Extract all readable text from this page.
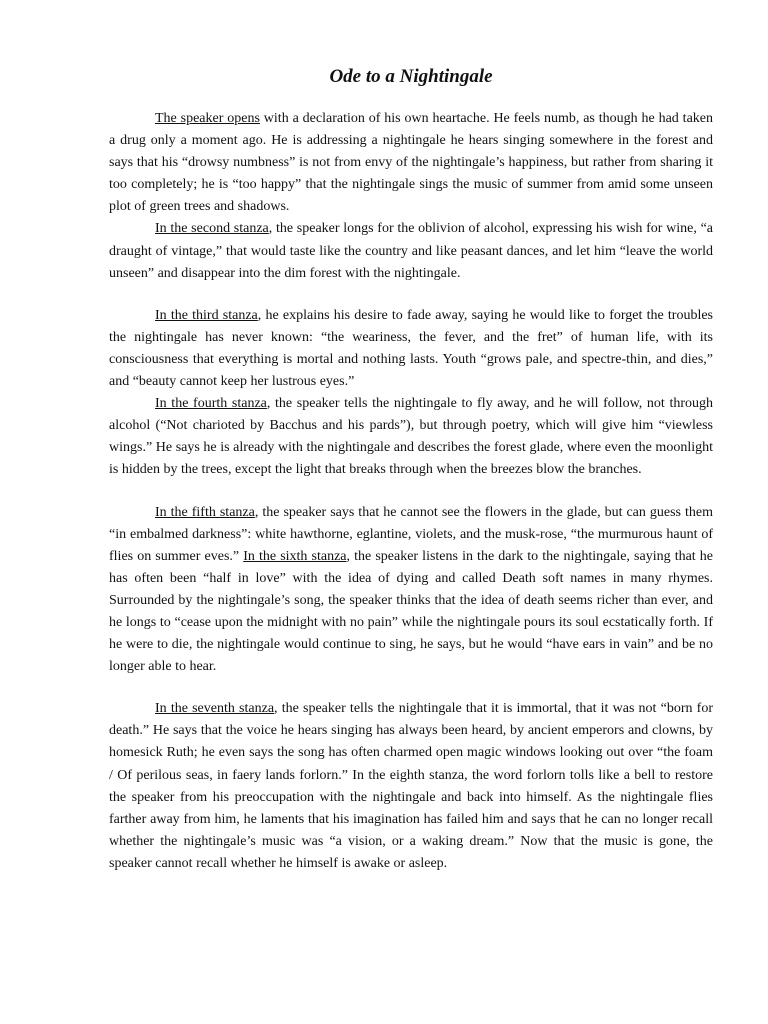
Ode to a Nightingale

The speaker opens with a declaration of his own heartache. He feels numb, as though he had taken a drug only a moment ago. He is addressing a nightingale he hears singing somewhere in the forest and says that his “drowsy numbness” is not from envy of the nightingale’s happiness, but rather from sharing it too completely; he is “too happy” that the nightingale sings the music of summer from amid some unseen plot of green trees and shadows.

In the second stanza, the speaker longs for the oblivion of alcohol, expressing his wish for wine, “a draught of vintage,” that would taste like the country and like peasant dances, and let him “leave the world unseen” and disappear into the dim forest with the nightingale.

In the third stanza, he explains his desire to fade away, saying he would like to forget the troubles the nightingale has never known: “the weariness, the fever, and the fret” of human life, with its consciousness that everything is mortal and nothing lasts. Youth “grows pale, and spectre-thin, and dies,” and “beauty cannot keep her lustrous eyes.”

In the fourth stanza, the speaker tells the nightingale to fly away, and he will follow, not through alcohol (“Not charioted by Bacchus and his pards”), but through poetry, which will give him “viewless wings.” He says he is already with the nightingale and describes the forest glade, where even the moonlight is hidden by the trees, except the light that breaks through when the breezes blow the branches.

In the fifth stanza, the speaker says that he cannot see the flowers in the glade, but can guess them “in embalmed darkness”: white hawthorne, eglantine, violets, and the musk-rose, “the murmurous haunt of flies on summer eves.” In the sixth stanza, the speaker listens in the dark to the nightingale, saying that he has often been “half in love” with the idea of dying and called Death soft names in many rhymes. Surrounded by the nightingale’s song, the speaker thinks that the idea of death seems richer than ever, and he longs to “cease upon the midnight with no pain” while the nightingale pours its soul ecstatically forth. If he were to die, the nightingale would continue to sing, he says, but he would “have ears in vain” and be no longer able to hear.

In the seventh stanza, the speaker tells the nightingale that it is immortal, that it was not “born for death.” He says that the voice he hears singing has always been heard, by ancient emperors and clowns, by homesick Ruth; he even says the song has often charmed open magic windows looking out over “the foam / Of perilous seas, in faery lands forlorn.” In the eighth stanza, the word forlorn tolls like a bell to restore the speaker from his preoccupation with the nightingale and back into himself. As the nightingale flies farther away from him, he laments that his imagination has failed him and says that he can no longer recall whether the nightingale’s music was “a vision, or a waking dream.” Now that the music is gone, the speaker cannot recall whether he himself is awake or asleep.
